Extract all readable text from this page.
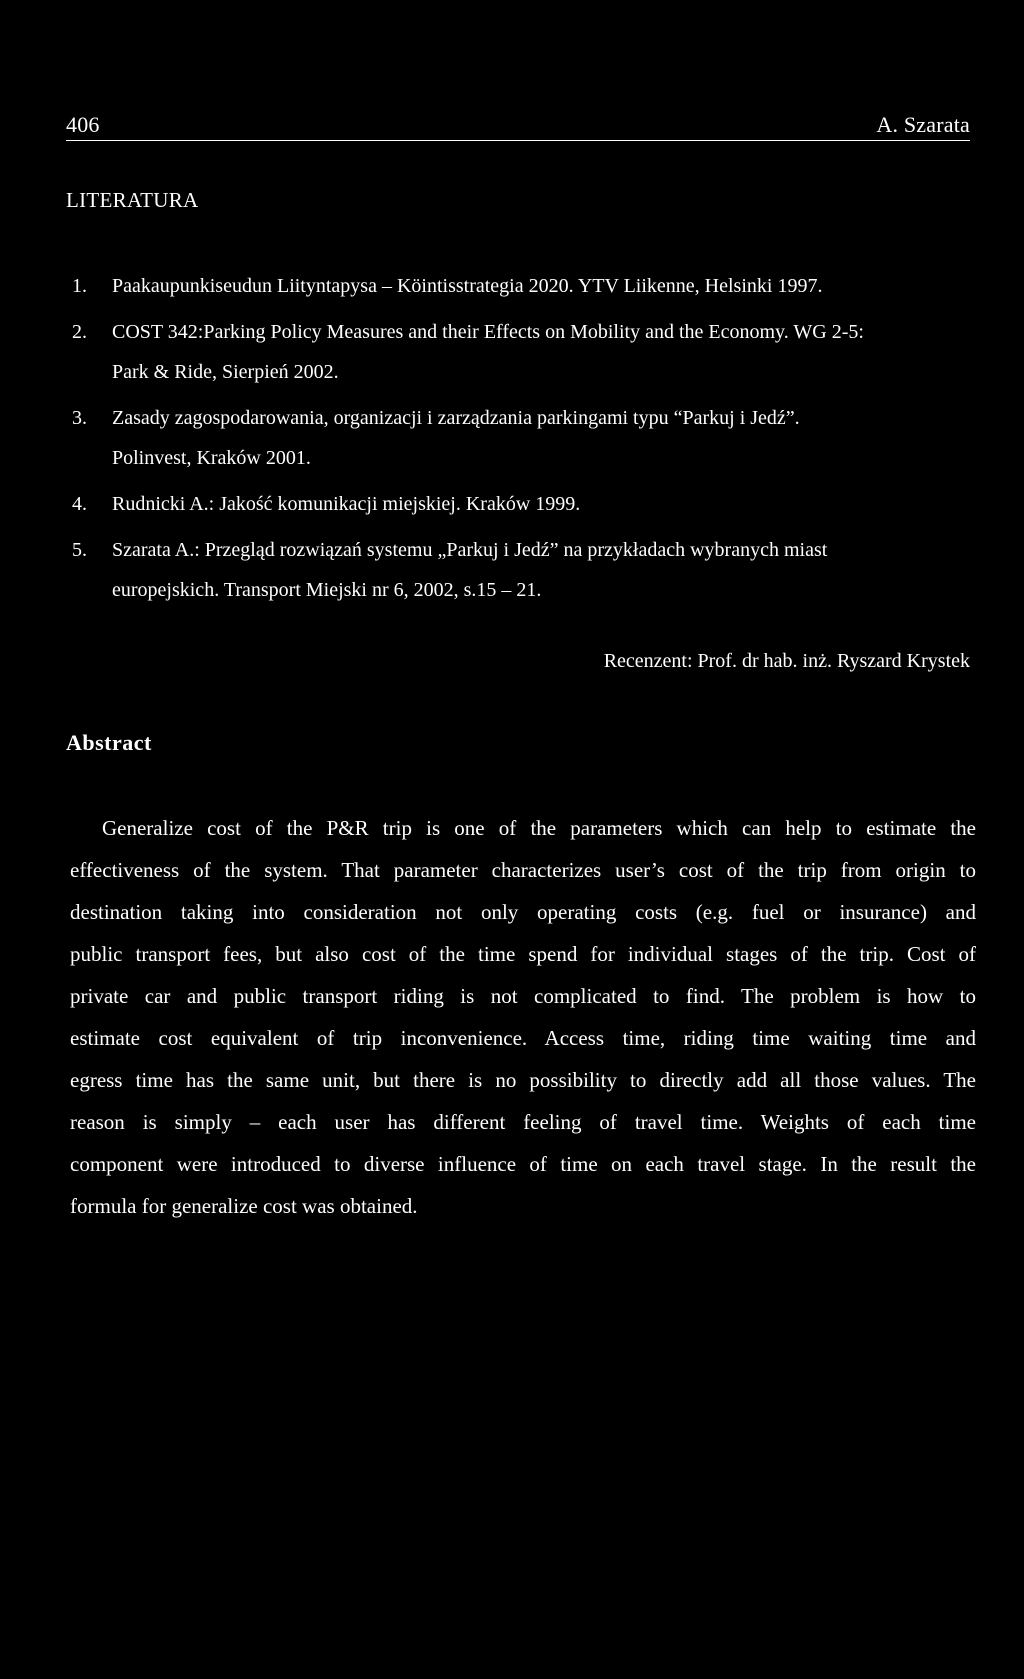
406	A. Szarata
LITERATURA
1. Paakaupunkiseudun Liityntapysa – Köintisstrategia 2020. YTV Liikenne, Helsinki 1997.
2. COST 342:Parking Policy Measures and their Effects on Mobility and the Economy. WG 2-5:
Park & Ride, Sierpień 2002.
3. Zasady zagospodarowania, organizacji i zarządzania parkingami typu “Parkuj i Jedź”.
Polinvest, Kraków 2001.
4. Rudnicki A.: Jakość komunikacji miejskiej. Kraków 1999.
5. Szarata A.: Przegląd rozwiązań systemu „Parkuj i Jedź” na przykładach wybranych miast
europejskich. Transport Miejski nr 6, 2002, s.15 – 21.
Recenzent: Prof. dr hab. inż. Ryszard Krystek
Abstract
Generalize cost of the P&R trip is one of the parameters which can help to estimate the
effectiveness of the system. That parameter characterizes user’s cost of the trip from origin to
destination taking into consideration not only operating costs (e.g. fuel or insurance) and
public transport fees, but also cost of the time spend for individual stages of the trip. Cost of
private car and public transport riding is not complicated to find. The problem is how to
estimate cost equivalent of trip inconvenience. Access time, riding time waiting time and
egress time has the same unit, but there is no possibility to directly add all those values. The
reason is simply – each user has different feeling of travel time. Weights of each time
component were introduced to diverse influence of time on each travel stage. In the result the
formula for generalize cost was obtained.
